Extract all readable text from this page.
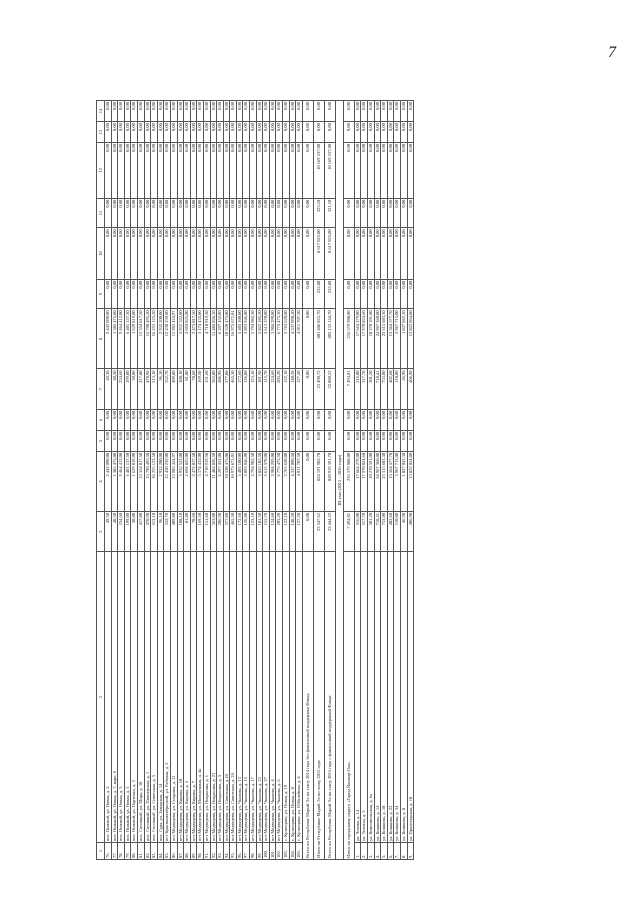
7
1	2	3	4	5	6	7	8	9	10	11	12	13	14
76.	пос. Нижний, ул. Новая, д. 2	49,30	2 442 090,00	0,00	0,00	49,30	2 442 090,00	0,00	0,00	0,00	0,00	0,00	0,00
77.	пос. Нижний, ул. Новая, д. 7, корп. 6	40,30	1 385 475,00	0,00	0,00	40,30	1 385 475,00	0,00	0,00	0,00	0,00	0,00	0,00
78.	пос. Нижний, ул. Новая, д. 3	234,60	9 464 412,00	0,00	0,00	234,60	9 464 412,00	0,00	0,00	0,00	0,00	0,00	0,00
79.	пос. Нижний, ул. Новая, д. 5	199,00	6 401 157,50	0,00	0,00	199,00	6 401 157,50	0,00	0,00	0,00	0,00	0,00	0,00
80.	пос. Нижний, ул. Партизан, д. 5	30,00	1 629 819,00	0,00	0,00	30,00	1 629 819,00	0,00	0,00	0,00	0,00	0,00	0,00
81.	пос. Сосновый, ул. Мира, д. 10	417,80	13 354 817,50	0,00	0,00	417,80	13 354 817,50	0,00	0,00	0,00	0,00	0,00	0,00
82.	пос. Сосновый, ул. Пионерская, д. 1	470,90	15 790 495,50	0,00	0,00	470,90	15 790 495,50	0,00	0,00	0,00	0,00	0,00	0,00
83.	пос. Сосновый, ул. Советская, д. 5	513,10	16 253 123,50	0,00	0,00	513,10	16 253 123,50	0,00	0,00	0,00	0,00	0,00	0,00
84.	пос. Сура, ул. Заводская, д. 14	96,10	2 932 200,00	0,00	0,00	96,10	2 932 200,00	0,00	0,00	0,00	0,00	0,00	0,00
85.	пгт Краснооктябрьский, ул. Рабочая, д. 3	332,70	12 430 239,00	0,00	0,00	332,70	12 430 239,00	0,00	0,00	0,00	0,00	0,00	0,00
86.	пгт Медведево, ул. Гагарина, д. 11	409,80	12 983 424,97	0,00	0,00	409,80	12 983 424,97	0,00	0,00	0,00	0,00	0,00	0,00
87.	пгт Медведево, ул. Кирова, д. 18	108,10	3 932 522,00	0,00	0,00	108,10	3 932 522,00	0,00	0,00	0,00	0,00	0,00	0,00
88.	пгт Медведево, ул. Кирова, д. 3	81,80	2 694 825,00	0,00	0,00	81,80	2 694 825,00	0,00	0,00	0,00	0,00	0,00	0,00
89.	пгт Медведево, ул. Кирова, д. 7	78,60	2 473 017,50	0,00	0,00	78,60	2 473 017,50	0,00	0,00	0,00	0,00	0,00	0,00
90.	пгт Медведево, ул. Молодежная, д. 4а	169,50	5 174 435,00	0,00	0,00	169,50	5 174 435,00	0,00	0,00	0,00	0,00	0,00	0,00
91.	пгт Медведево, ул. Некрасова, д. 1	151,60	4 710 919,50	0,00	0,00	151,60	4 710 919,50	0,00	0,00	0,00	0,00	0,00	0,00
92.	пгт Медведево, ул. Некрасова, д. 21	363,00	11 484 826,50	0,00	0,00	363,00	11 484 826,50	0,00	0,00	0,00	0,00	0,00	0,00
93.	пгт Медведево, ул. Некрасова, д. 3	206,90	6 297 452,00	0,00	0,00	206,90	6 297 452,00	0,00	0,00	0,00	0,00	0,00	0,00
94.	пгт Медведево, ул. Советская, д.18	377,80	10 520 475,00	0,00	0,00	377,80	10 520 475,00	0,00	0,00	0,00	0,00	0,00	0,00
95.	пгт Медведево, ул. Советская, д. 24	465,30	16 975 671,01	0,00	0,00	465,30	16 975 671,01	0,00	0,00	0,00	0,00	0,00	0,00
96.	пгт Медведево, ул. Чкалова, д. 13	172,60	5 403 100,00	0,00	0,00	172,60	5 403 100,00	0,00	0,00	0,00	0,00	0,00	0,00
97.	пгт Медведево, ул. Чкалова, д. 15	126,80	3 893 946,00	0,00	0,00	126,80	3 893 946,00	0,00	0,00	0,00	0,00	0,00	0,00
98.	пгт Медведево, ул. Чкалова, д. 17	123,10	3 794 982,50	0,00	0,00	123,10	3 794 982,50	0,00	0,00	0,00	0,00	0,00	0,00
99.	пгт Медведево, ул. Чкалова, д. 23	181,50	5 822 185,50	0,00	0,00	181,50	5 822 185,50	0,00	0,00	0,00	0,00	0,00	0,00
100.	пгт Медведево, ул. Чкалова, д. 27	115,70	3 613 370,00	0,00	0,00	115,70	3 613 370,00	0,00	0,00	0,00	0,00	0,00	0,00
101.	пгт Медведево, ул. Чкалова, д. 4	124,60	3 904 299,00	0,00	0,00	124,60	3 904 299,00	0,00	0,00	0,00	0,00	0,00	0,00
102.	пгт Медведево, ул. Чкалова, д. 6	203,20	6 775 475,50	0,00	0,00	203,20	6 775 475,50	0,00	0,00	0,00	0,00	0,00	0,00
103.	с. Кузнецово, ул. Новая, д. 19	122,10	3 763 620,00	0,00	0,00	122,10	3 763 620,00	0,00	0,00	0,00	0,00	0,00	0,00
104.	с. Кузнецово, ул. Новая, д. 8	140,20	4 337 090,50	0,00	0,00	140,20	4 337 090,50	0,00	0,00	0,00	0,00	0,00	0,00
105.	с. Кузнецово, ул. Юбилейная, д. 4	127,50	4 011 707,50	0,00	0,00	127,50	4 011 707,50	0,00	0,00	0,00	0,00	0,00	0,00
Всего по Республике Марий Эл по этапу 2014 года без финансовой поддержки Фонда		0,00	0,00	0,00	0,00	0,00	0,00	0,00	0,00	0,00	0,00	0,00	0,00
Итого по Республике Марий Эл по этапу 2015 года		23 547,62	824 191 982,70	0,00	0,00	23 490,72	801 406 822,70	232,80	8 617 023,00	323,10	10 169 237,00	0,00	0,00
Всего по Республике Марий Эл по этапу 2015 года с финансовой поддержкой Фонда		23 444,22	820 919 391,70	0,00	0,00	22 880,32	802 133 144,70	232,80	8 617 023,00	321,10	10 169 237,00	0,00	0,00
III этап (2015 – 2016 годы)													
Итого по городскому округу «Город Йошкар-Ола»		7 494,01	235 579 988,00	0,00	0,00	7 494,01	235 579 988,00	0,00	0,00	0,00	0,00	0,00	0,00
1.	ул. Чехова, д. 14	516,00	17 664 279,00	0,00	0,00	516,00	17 664 279,00	0,00	0,00	0,00	0,00	0,00	0,00
2.	ул. Зеленая, д. 3	517,70	17 970 824,60	0,00	0,00	517,70	17 970 824,60	0,00	0,00	0,00	0,00	0,00	0,00
3.	ул. Комсомольская, д. 6а	301,20	10 270 591,00	0,00	0,00	301,20	10 270 591,00	0,00	0,00	0,00	0,00	0,00	0,00
4.	ул. Кошкина, д. 14	718,41	24 967 360,00	0,00	0,00	718,41	24 967 360,00	0,00	0,00	0,00	0,00	0,00	0,00
5.	ул. Кошкина, д. 18	753,00	25 315 683,30	0,00	0,00	753,00	25 315 683,30	0,00	0,00	0,00	0,00	0,00	0,00
6.	ул. Кошкина, д. 22	402,60	13 564 577,70	0,00	0,00	402,60	13 564 577,70	0,00	0,00	0,00	0,00	0,00	0,00
7.	ул. Кошкина, д. 34	110,00	3 967 713,00	0,00	0,00	110,00	3 967 713,00	0,00	0,00	0,00	0,00	0,00	0,00
8.	ул. Кошкина, д. 8	46,90	1 827 042,30	0,00	0,00	46,90	1 827 042,30	0,00	0,00	0,00	0,00	0,00	0,00
9.	ул. Пролетарская, д. 18	406,90	13 822 054,80	0,00	0,00	406,90	13 822 054,80	0,00	0,00	0,00	0,00	0,00	0,00
